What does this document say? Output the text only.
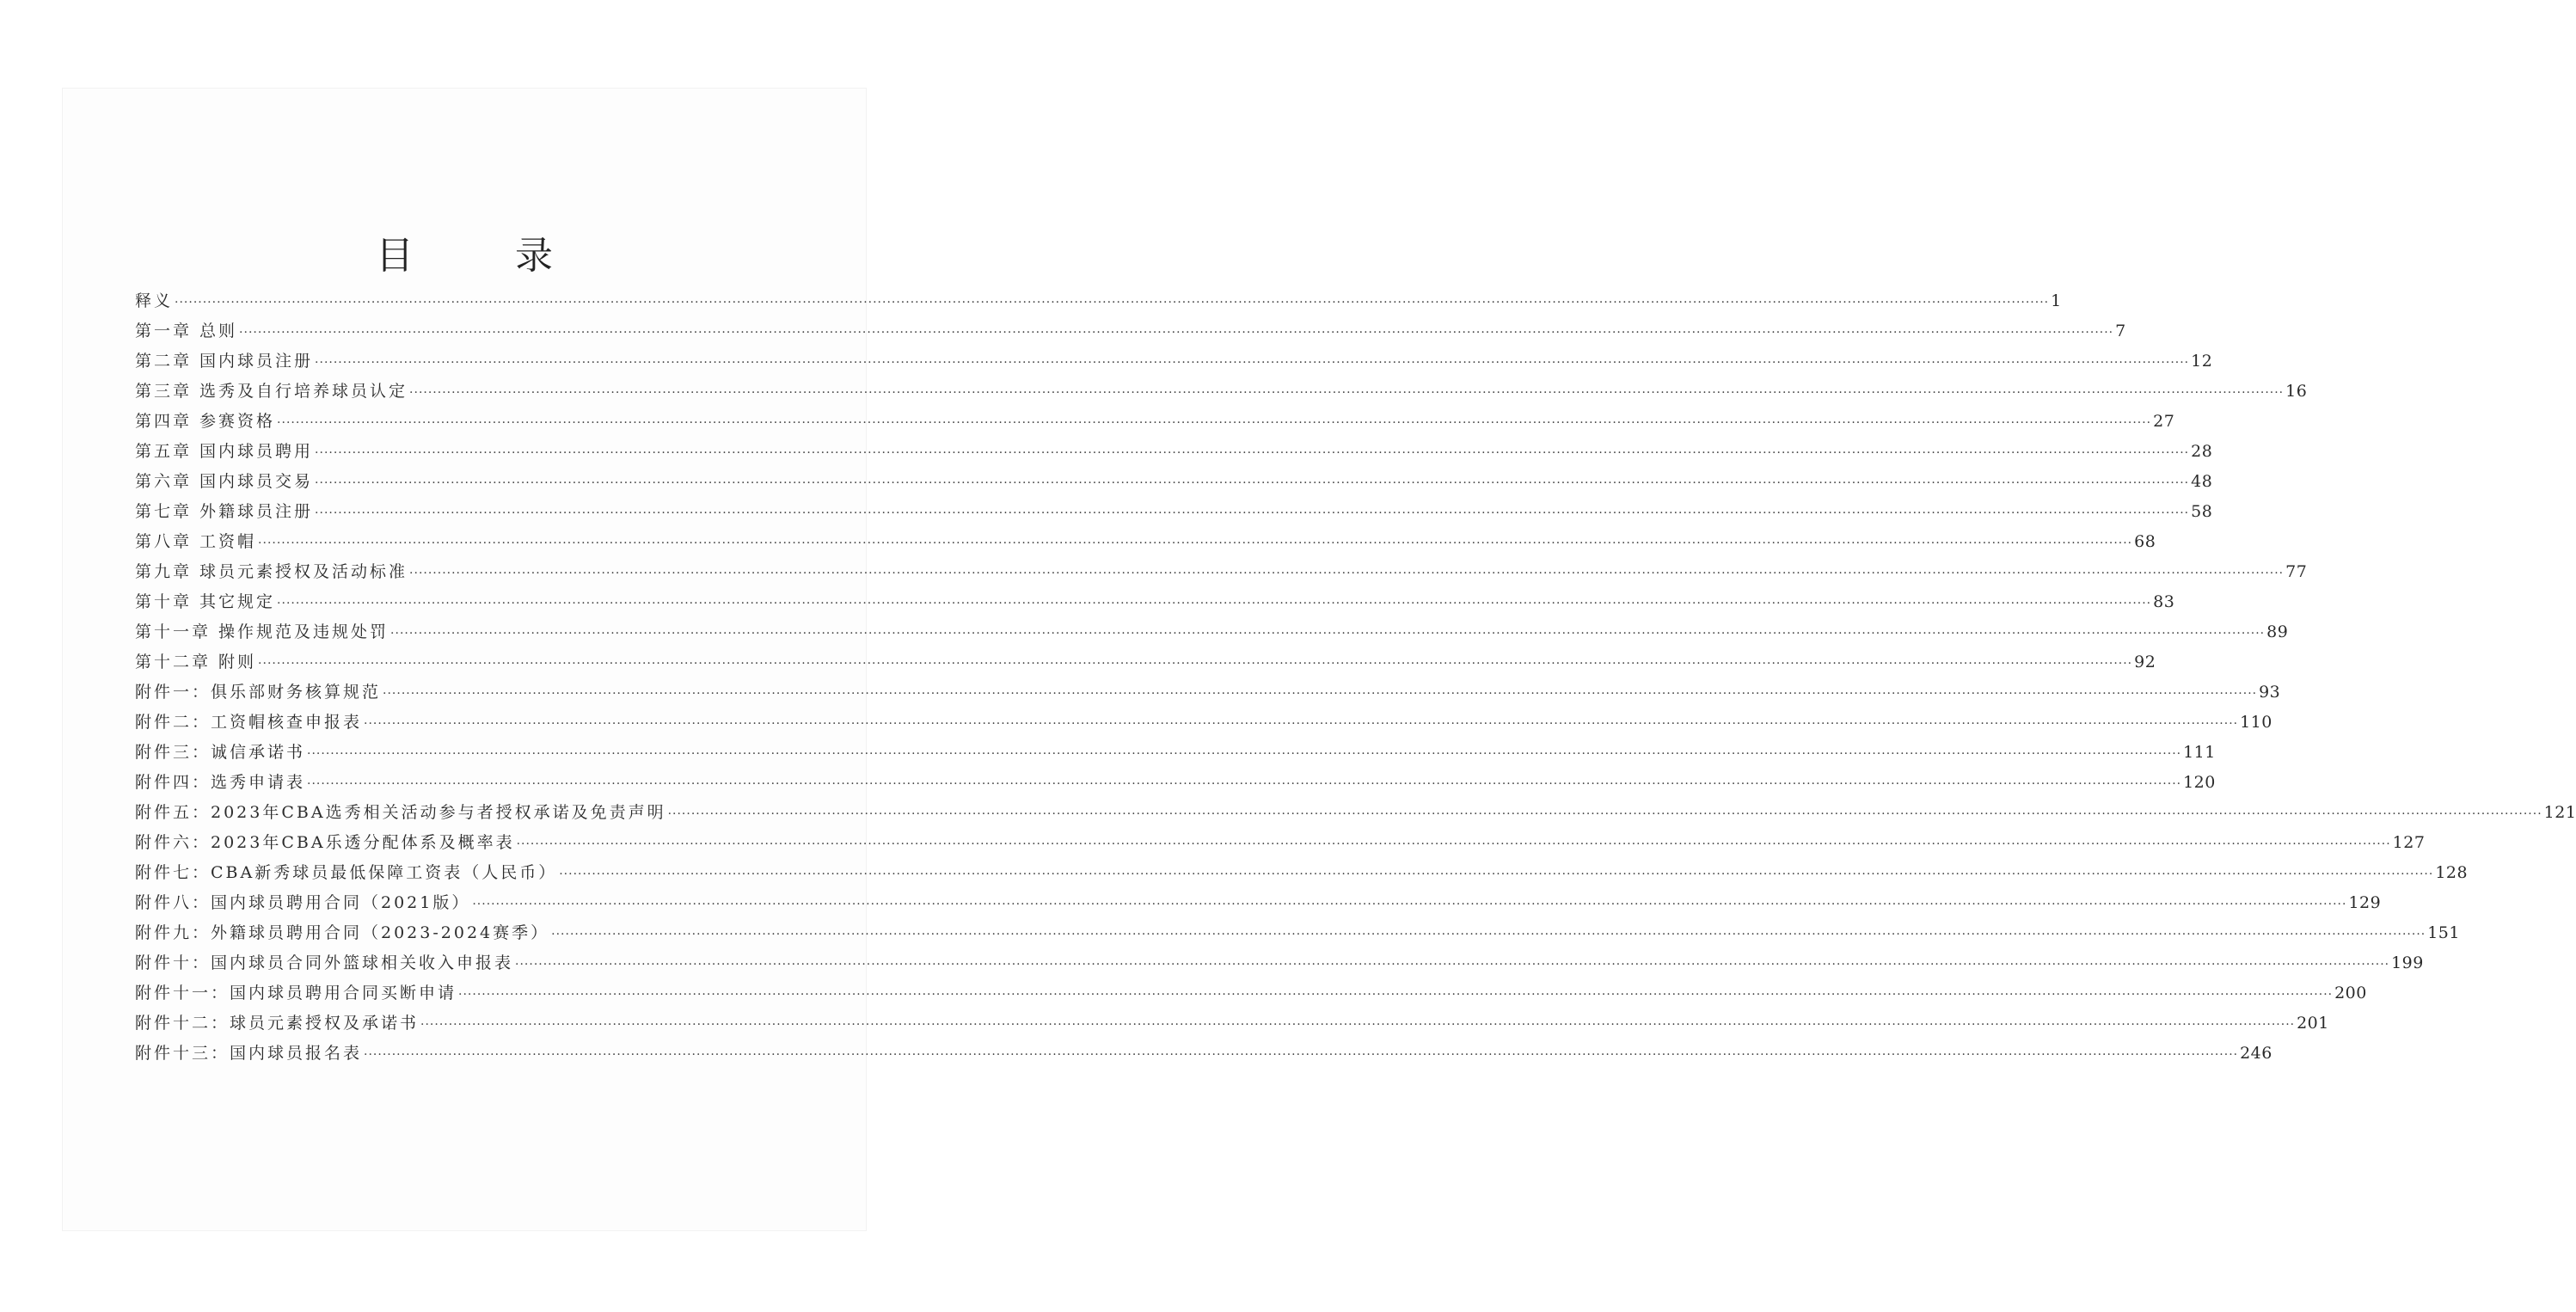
目 录
释义 ················································································································································································································································································································································································································ 1
第一章 总则 ················································································································································································································································································································································································································ 7
第二章 国内球员注册 ················································································································································································································································································································································································································ 12
第三章 选秀及自行培养球员认定 ················································································································································································································································································································································································································ 16
第四章 参赛资格 ················································································································································································································································································································································································································ 27
第五章 国内球员聘用 ················································································································································································································································································································································································································ 28
第六章 国内球员交易 ················································································································································································································································································································································································································ 48
第七章 外籍球员注册 ················································································································································································································································································································································································································ 58
第八章 工资帽 ················································································································································································································································································································································································································ 68
第九章 球员元素授权及活动标准 ················································································································································································································································································································································································································ 77
第十章 其它规定 ················································································································································································································································································································································································································ 83
第十一章 操作规范及违规处罚 ················································································································································································································································································································································································································ 89
第十二章 附则 ················································································································································································································································································································································································································ 92
附件一：俱乐部财务核算规范 ················································································································································································································································································································································································································ 93
附件二：工资帽核查申报表 ················································································································································································································································································································································································································ 110
附件三：诚信承诺书 ················································································································································································································································································································································································································ 111
附件四：选秀申请表 ················································································································································································································································································································································································································ 120
附件五：2023年CBA选秀相关活动参与者授权承诺及免责声明 ················································································································································································································································································································································································································ 121
附件六：2023年CBA乐透分配体系及概率表 ················································································································································································································································································································································································································ 127
附件七：CBA新秀球员最低保障工资表（人民币） ················································································································································································································································································································································································································ 128
附件八：国内球员聘用合同（2021版） ················································································································································································································································································································································································································ 129
附件九：外籍球员聘用合同（2023-2024赛季） ················································································································································································································································································································································································································ 151
附件十：国内球员合同外篮球相关收入申报表 ················································································································································································································································································································································································································ 199
附件十一：国内球员聘用合同买断申请 ················································································································································································································································································································································································································ 200
附件十二：球员元素授权及承诺书 ················································································································································································································································································································································································································ 201
附件十三：国内球员报名表 ················································································································································································································································································································································································································ 246
